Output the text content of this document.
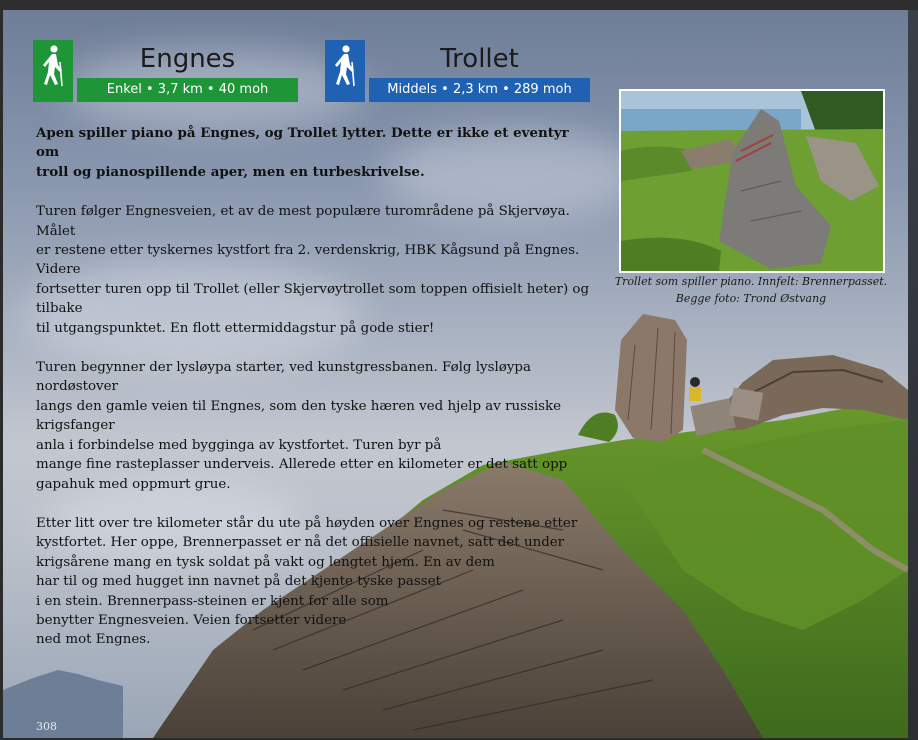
Engnes
Enkel • 3,7 km • 40 moh
Trollet
Middels • 2,3 km • 289 moh

Apen spiller piano på Engnes, og Trollet lytter. Dette er ikke et eventyr om
troll og pianospillende aper, men en turbeskrivelse.

Turen følger Engnesveien, et av de mest populære turområdene på Skjervøya. Målet
er restene etter tyskernes kystfort fra 2. verdenskrig, HBK Kågsund på Engnes. Videre
fortsetter turen opp til Trollet (eller Skjervøytrollet som toppen offisielt heter) og tilbake
til utgangspunktet. En flott ettermiddagstur på gode stier!

Turen begynner der lysløypa starter, ved kunstgressbanen. Følg lysløypa nordøstover
langs den gamle veien til Engnes, som den tyske hæren ved hjelp av russiske krigsfanger
anla i forbindelse med bygginga av kystfortet. Turen byr på
mange fine rasteplasser underveis. Allerede etter en kilometer er det satt opp
gapahuk med oppmurt grue.

Etter litt over tre kilometer står du ute på høyden over Engnes og restene etter
kystfortet. Her oppe, Brennerpasset er nå det offisielle navnet, satt det under
krigsårene mang en tysk soldat på vakt og lengtet hjem. En av dem
har til og med hugget inn navnet på det kjente tyske passet
i en stein. Brennerpass-steinen er kjent for alle som
benytter Engnesveien. Veien fortsetter videre
ned mot Engnes.

Trollet som spiller piano. Innfelt: Brennerpasset.
Begge foto: Trond Østvang
308
